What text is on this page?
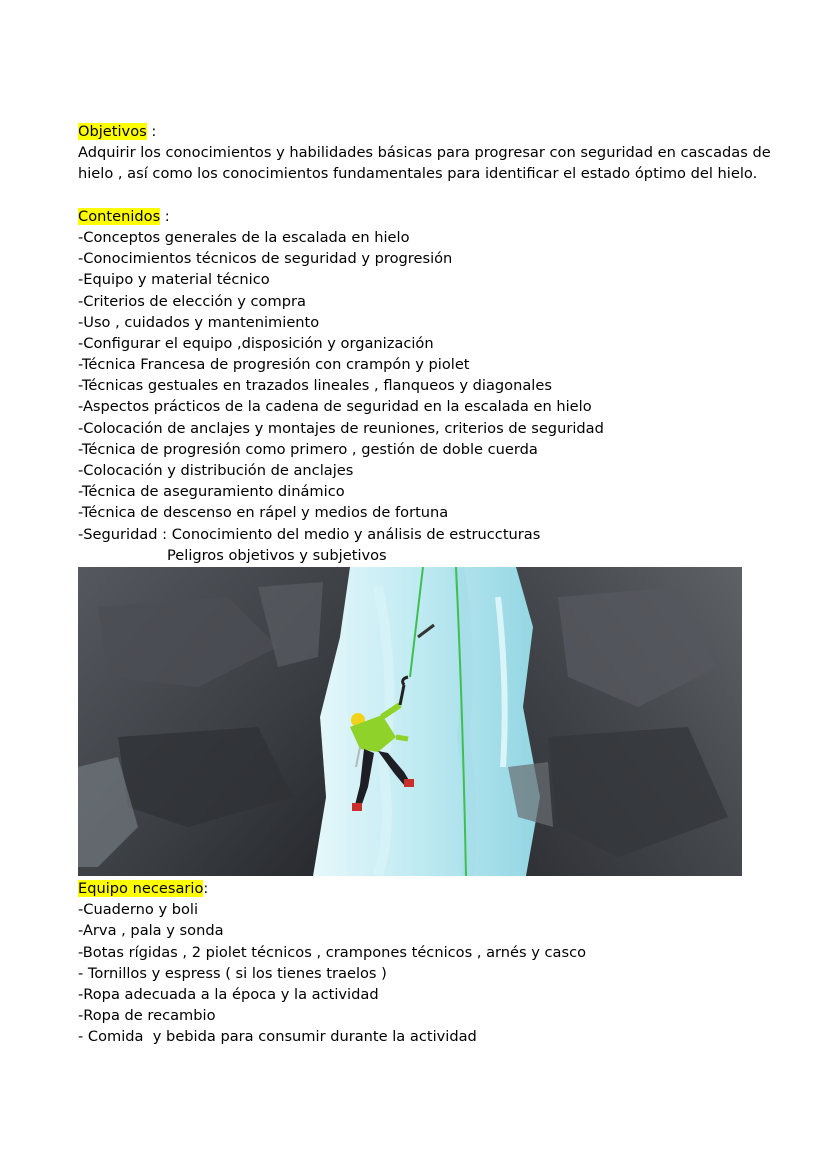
Objetivos :
Adquirir los conocimientos y habilidades básicas para progresar con seguridad en cascadas de
hielo , así como los conocimientos fundamentales para identificar el estado óptimo del hielo.
Contenidos :
-Conceptos generales de la escalada en hielo
-Conocimientos técnicos de seguridad y progresión
-Equipo y material técnico
-Criterios de elección y compra
-Uso , cuidados y mantenimiento
-Configurar el equipo ,disposición y organización
-Técnica Francesa de progresión con crampón y piolet
-Técnicas gestuales en trazados lineales , flanqueos y diagonales
-Aspectos prácticos de la cadena de seguridad en la escalada en hielo
-Colocación de anclajes y montajes de reuniones, criterios de seguridad
-Técnica de progresión como primero , gestión de doble cuerda
-Colocación y distribución de anclajes
-Técnica de aseguramiento dinámico
-Técnica de descenso en rápel y medios de fortuna
-Seguridad : Conocimiento del medio y análisis de estruccturas
Peligros objetivos y subjetivos
Equipo necesario:
-Cuaderno y boli
-Arva , pala y sonda
-Botas rígidas , 2 piolet técnicos , crampones técnicos , arnés y casco
- Tornillos y espress ( si los tienes traelos )
-Ropa adecuada a la época y la actividad
-Ropa de recambio
- Comida  y bebida para consumir durante la actividad
